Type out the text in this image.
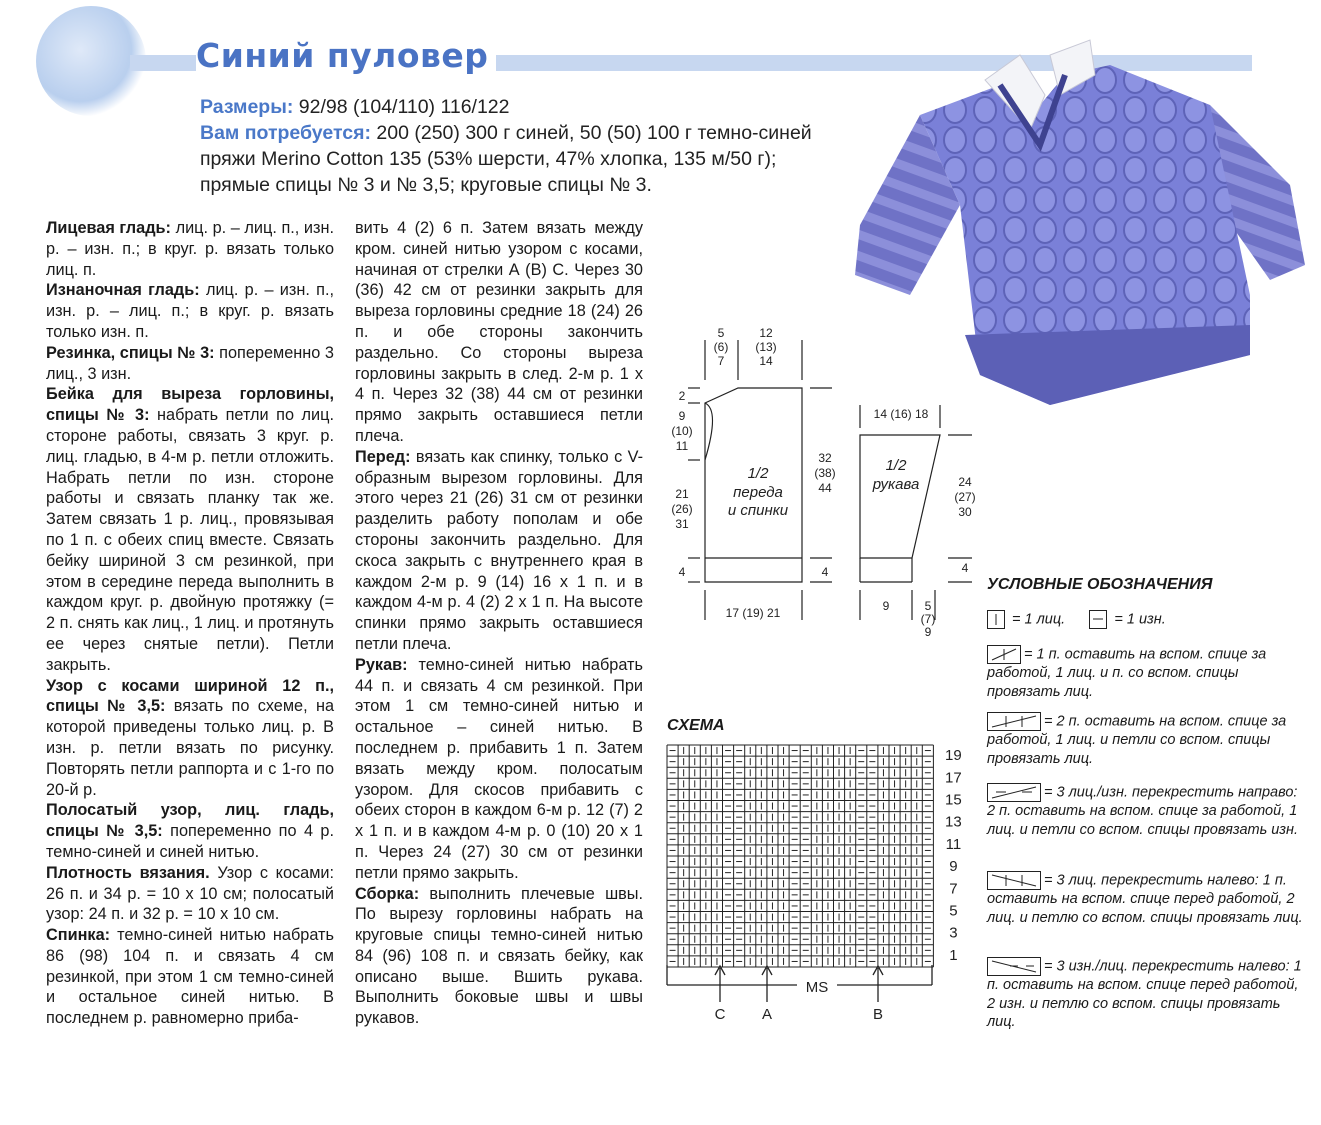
Синий пуловер
Размеры: 92/98 (104/110) 116/122
Вам потребуется: 200 (250) 300 г синей, 50 (50) 100 г темно-синей
пряжи Merino Cotton 135 (53% шерсти, 47% хлопка, 135 м/50 г);
прямые спицы № 3 и № 3,5; круговые спицы № 3.

Лицевая гладь: лиц. р. – лиц. п., изн. р. – изн. п.; в круг. р. вязать только лиц. п.

Изнаночная гладь: лиц. р. – изн. п., изн. р. – лиц. п.; в круг. р. вязать только изн. п.

Резинка, спицы № 3: попеременно 3 лиц., 3 изн.

Бейка для выреза горловины, спицы № 3: набрать петли по лиц. стороне работы, связать 3 круг. р. лиц. гладью, в 4-м р. петли отложить. Набрать петли по изн. стороне работы и связать планку так же. Затем связать 1 р. лиц., провязывая по 1 п. с обеих спиц вместе. Связать бейку шириной 3 см резинкой, при этом в середине переда выполнить в каждом круг. р. двойную протяжку (= 2 п. снять как лиц., 1 лиц. и протянуть ее через снятые петли). Петли закрыть.

Узор с косами шириной 12 п., спицы № 3,5: вязать по схеме, на которой приведены только лиц. р. В изн. р. петли вязать по рисунку. Повторять петли раппорта и с 1-го по 20-й р.

Полосатый узор, лиц. гладь, спицы № 3,5: попеременно по 4 р. темно-синей и синей нитью.

Плотность вязания. Узор с косами: 26 п. и 34 р. = 10 х 10 см; полосатый узор: 24 п. и 32 р. = 10 х 10 см.

Спинка: темно-синей нитью набрать 86 (98) 104 п. и связать 4 см резинкой, при этом 1 см темно-синей и остальное синей нитью. В последнем р. равномерно приба-

вить 4 (2) 6 п. Затем вязать между кром. синей нитью узором с косами, начиная от стрелки А (В) С. Через 30 (36) 42 см от резинки закрыть для выреза горловины средние 18 (24) 26 п. и обе стороны закончить раздельно. Со стороны выреза горловины закрыть в след. 2-м р. 1 х 4 п. Через 32 (38) 44 см от резинки прямо закрыть оставшиеся петли плеча.

Перед: вязать как спинку, только с V-образным вырезом горловины. Для этого через 21 (26) 31 см от резинки разделить работу пополам и обе стороны закончить раздельно. Для скоса закрыть с внутреннего края в каждом 2-м р. 9 (14) 16 х 1 п. и в каждом 4-м р. 4 (2) 2 х 1 п. На высоте спинки прямо закрыть оставшиеся петли плеча.

Рукав: темно-синей нитью набрать 44 п. и связать 4 см резинкой. При этом 1 см темно-синей нитью и остальное – синей нитью. В последнем р. прибавить 1 п. Затем вязать между кром. полосатым узором. Для скосов прибавить с обеих сторон в каждом 6-м р. 12 (7) 2 х 1 п. и в каждом 4-м р. 0 (10) 20 х 1 п. Через 24 (27) 30 см от резинки петли прямо закрыть.

Сборка: выполнить плечевые швы. По вырезу горловины набрать на круговые спицы темно-синей нитью 84 (96) 108 п. и связать бейку, как описано выше. Вшить рукава. Выполнить боковые швы и швы рукавов.

1/2
переда
и спинки
1/2
рукава
5
(6)
7
12
(13)
14
2
9
(10)
11
21
(26)
31
4
32
(38)
44
4
17 (19) 21
14 (16) 18
24
(27)
30
4
9	5
(7)
9
СХЕМА
19
17
15
13
11
9
7
5
3
1
MS
C A	B
УСЛОВНЫЕ ОБОЗНАЧЕНИЯ
= 1 лиц.	= 1 изн.
= 1 п. оставить на вспом. спице за работой, 1 лиц. и п. со вспом. спицы провязать лиц.
= 2 п. оставить на вспом. спице за работой, 1 лиц. и петли со вспом. спицы провязать лиц.
= 3 лиц./изн. перекрестить направо: 2 п. оставить на вспом. спице за работой, 1 лиц. и петли со вспом. спицы провязать изн.
= 3 лиц. перекрестить налево: 1 п. оставить на вспом. спице перед работой, 2 лиц. и петлю со вспом. спицы провязать лиц.
= 3 изн./лиц. перекрестить налево: 1 п. оставить на вспом. спице перед работой, 2 изн. и петлю со вспом. спицы провязать лиц.
